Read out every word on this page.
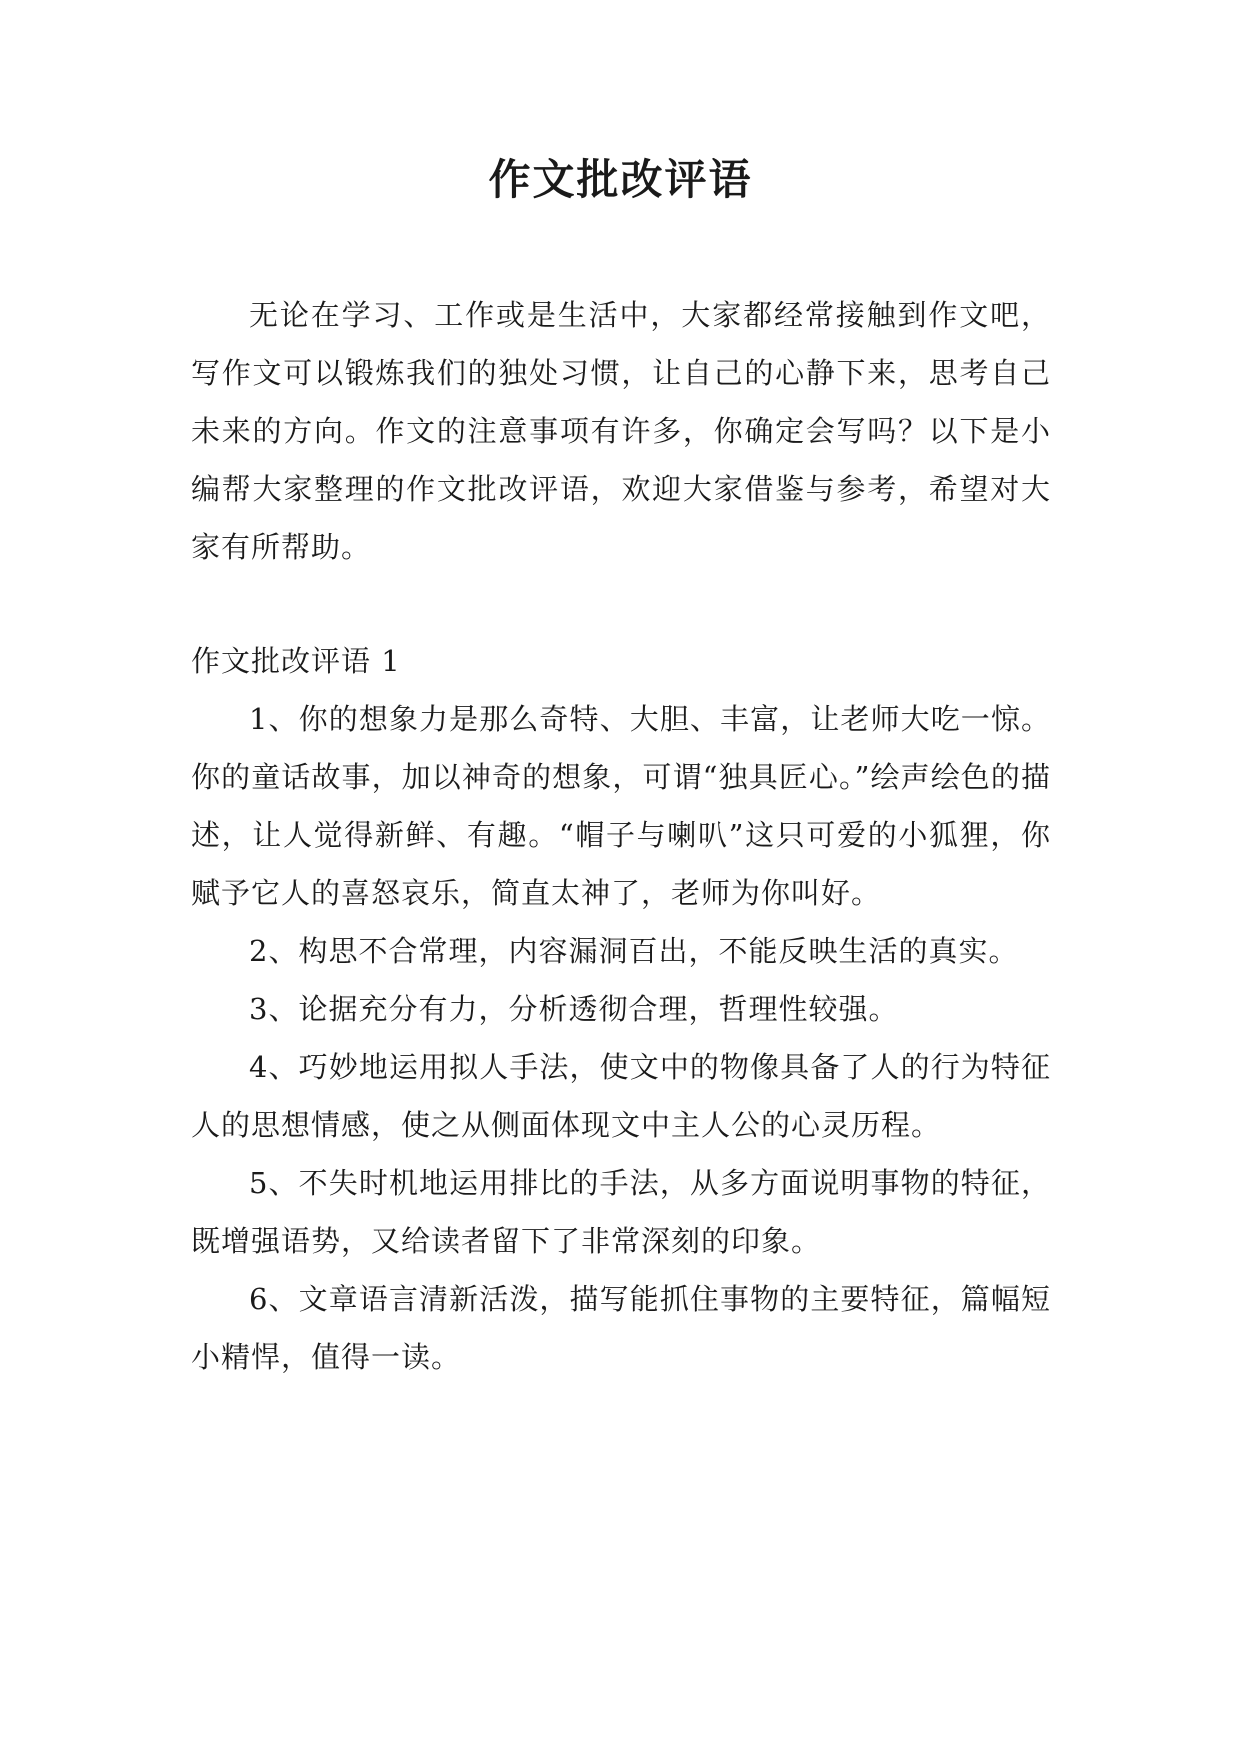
作文批改评语

无论在学习、工作或是生活中，大家都经常接触到作文吧，写作文可以锻炼我们的独处习惯，让自己的心静下来，思考自己未来的方向。作文的注意事项有许多，你确定会写吗？以下是小编帮大家整理的作文批改评语，欢迎大家借鉴与参考，希望对大家有所帮助。

作文批改评语 1

1、你的想象力是那么奇特、大胆、丰富，让老师大吃一惊。你的童话故事，加以神奇的想象，可谓“独具匠心。”绘声绘色的描述，让人觉得新鲜、有趣。“帽子与喇叭”这只可爱的小狐狸，你赋予它人的喜怒哀乐，简直太神了，老师为你叫好。

2、构思不合常理，内容漏洞百出，不能反映生活的真实。

3、论据充分有力，分析透彻合理，哲理性较强。

4、巧妙地运用拟人手法，使文中的物像具备了人的行为特征人的思想情感，使之从侧面体现文中主人公的心灵历程。

5、不失时机地运用排比的手法，从多方面说明事物的特征，既增强语势，又给读者留下了非常深刻的印象。

6、文章语言清新活泼，描写能抓住事物的主要特征，篇幅短小精悍，值得一读。
